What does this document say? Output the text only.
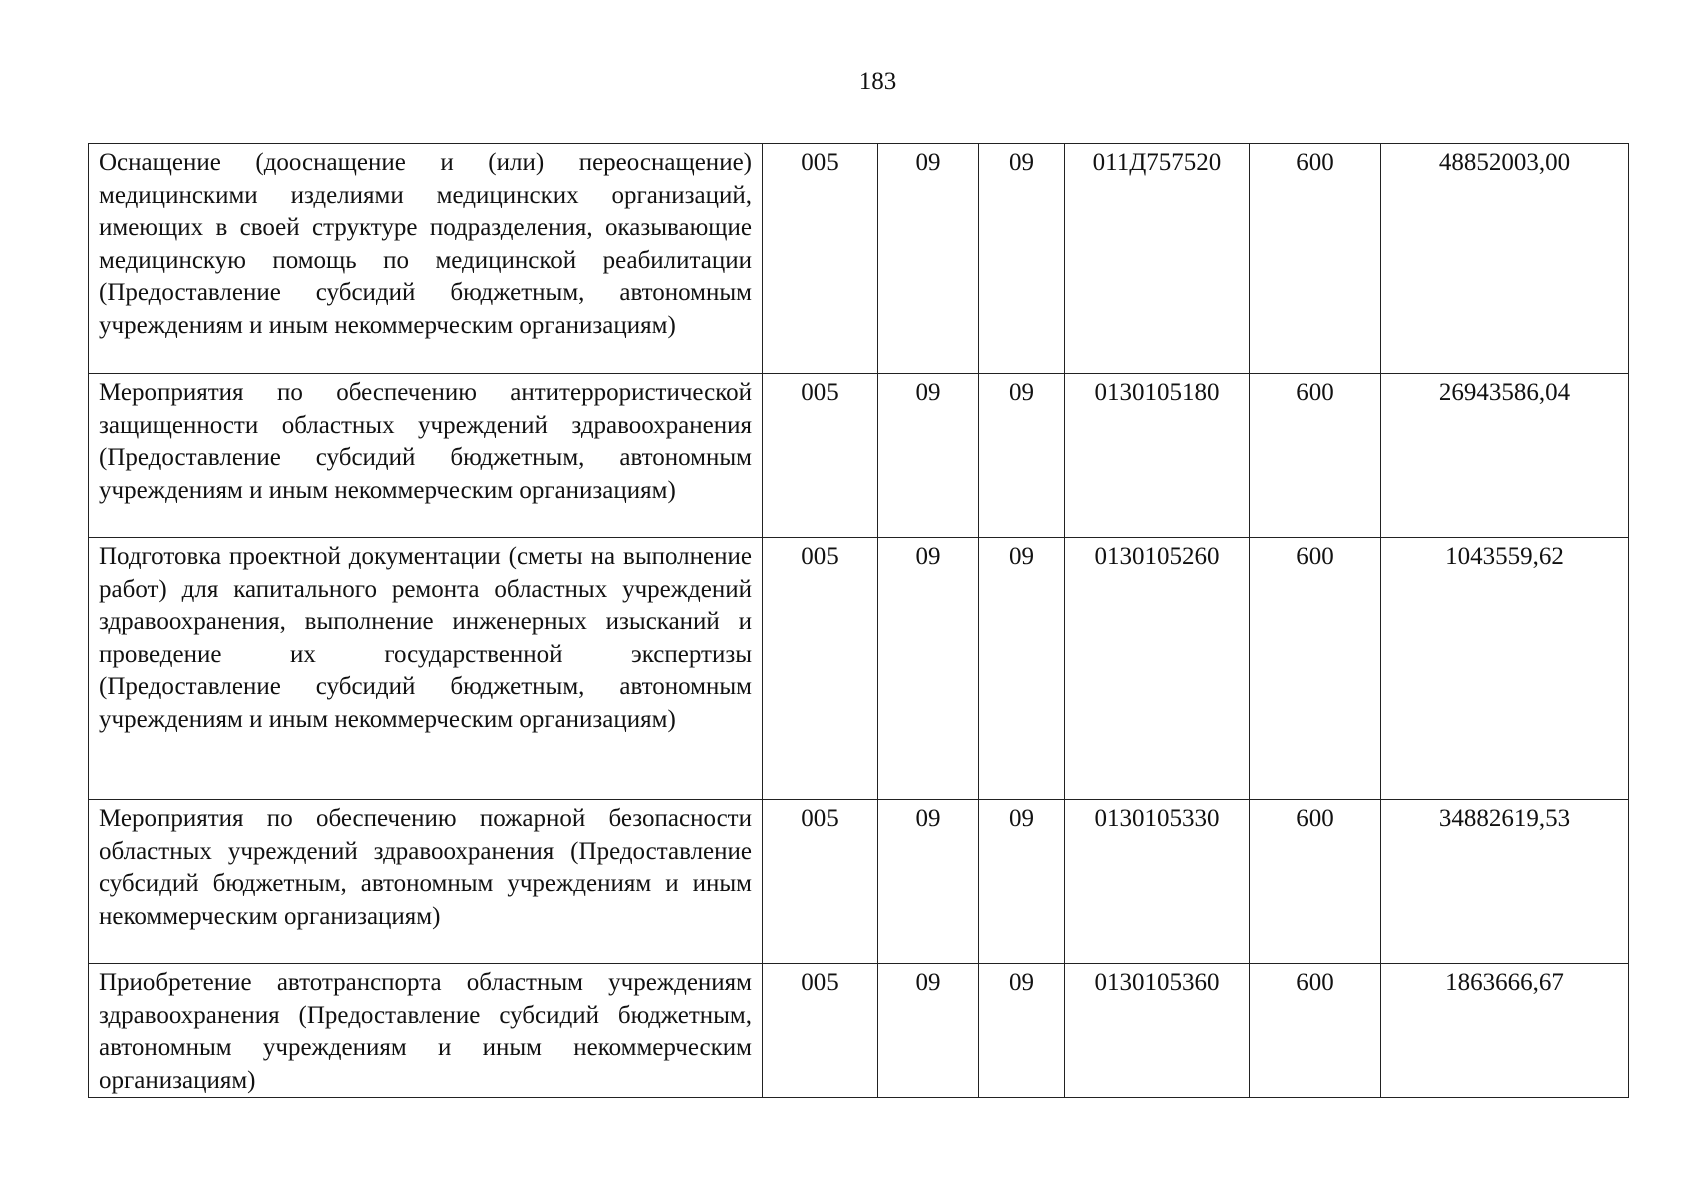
183
Оснащение (дооснащение и (или) переоснащение) медицинскими изделиями медицинских организаций, имеющих в своей структуре подразделения, оказывающие медицинскую помощь по медицинской реабилитации (Предоставление субсидий бюджетным, автономным учреждениям и иным некоммерческим организациям)	005	09	09	011Д757520	600	48852003,00
Мероприятия по обеспечению антитеррористической защищенности областных учреждений здравоохранения (Предоставление субсидий бюджетным, автономным учреждениям и иным некоммерческим организациям)	005	09	09	0130105180	600	26943586,04
Подготовка проектной документации (сметы на выполнение работ) для капитального ремонта областных учреждений здравоохранения, выполнение инженерных изысканий и проведение их государственной экспертизы (Предоставление субсидий бюджетным, автономным учреждениям и иным некоммерческим организациям)	005	09	09	0130105260	600	1043559,62
Мероприятия по обеспечению пожарной безопасности областных учреждений здравоохранения (Предоставление субсидий бюджетным, автономным учреждениям и иным некоммерческим организациям)	005	09	09	0130105330	600	34882619,53
Приобретение автотранспорта областным учреждениям здравоохранения (Предоставление субсидий бюджетным, автономным учреждениям и иным некоммерческим организациям)	005	09	09	0130105360	600	1863666,67
